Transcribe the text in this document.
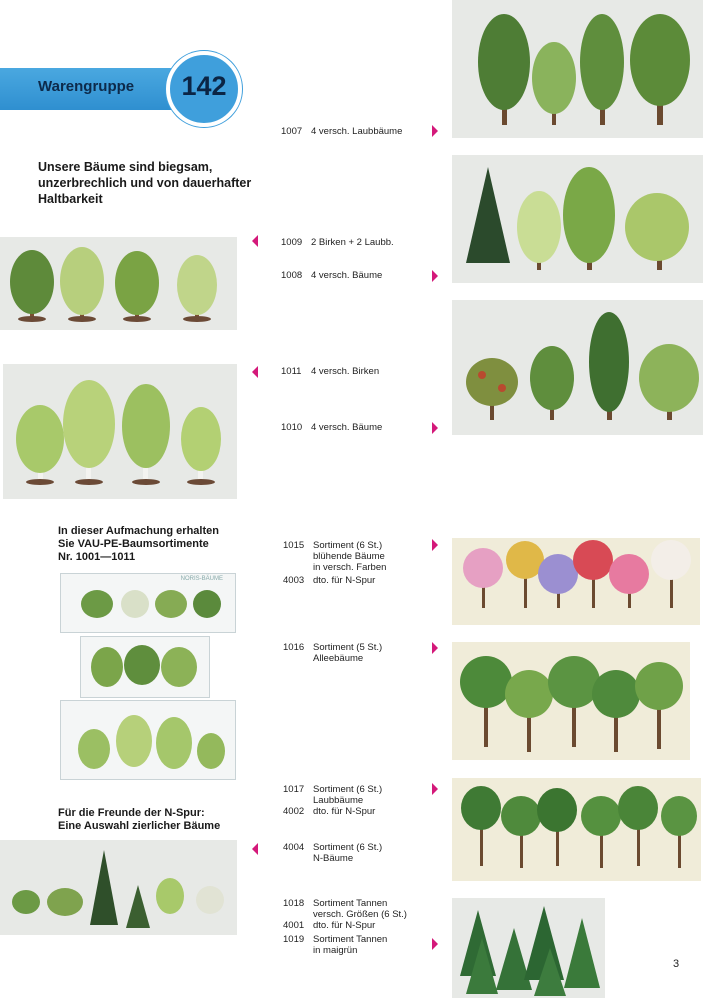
Warengruppe	142
Unsere Bäume sind biegsam,
unzerbrechlich und von dauerhafter
Haltbarkeit
In dieser Aufmachung erhalten
Sie VAU-PE-Baumsortimente
Nr. 1001—1011
Für die Freunde der N-Spur:
Eine Auswahl zierlicher Bäume
NORIS-BÄUME
1007 4 versch. Laubbäume
1009 2 Birken + 2 Laubb.
1008 4 versch. Bäume
1011 4 versch. Birken
1010 4 versch. Bäume
1015 Sortiment (6 St.)
blühende Bäume
in versch. Farben
4003 dto. für N-Spur
1016 Sortiment (5 St.)
Alleebäume
1017 Sortiment (6 St.)
Laubbäume
4002 dto. für N-Spur
4004 Sortiment (6 St.)
N-Bäume
1018 Sortiment Tannen
versch. Größen (6 St.)
4001 dto. für N-Spur
1019 Sortiment Tannen
in maigrün
3
